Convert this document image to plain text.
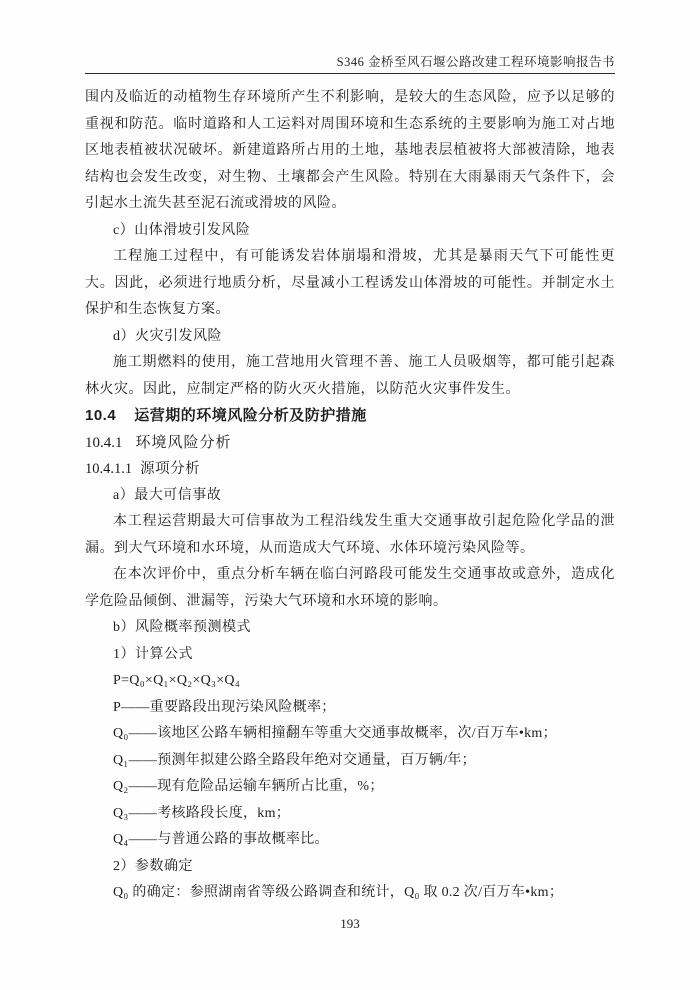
S346 金桥至风石堰公路改建工程环境影响报告书

围内及临近的动植物生存环境所产生不利影响，是较大的生态风险，应予以足够的重视和防范。临时道路和人工运料对周围环境和生态系统的主要影响为施工对占地区地表植被状况破坏。新建道路所占用的土地，基地表层植被将大部被清除，地表结构也会发生改变，对生物、土壤都会产生风险。特别在大雨暴雨天气条件下，会引起水土流失甚至泥石流或滑坡的风险。

c）山体滑坡引发风险

工程施工过程中，有可能诱发岩体崩塌和滑坡，尤其是暴雨天气下可能性更大。因此，必须进行地质分析，尽量减小工程诱发山体滑坡的可能性。并制定水土保护和生态恢复方案。

d）火灾引发风险

施工期燃料的使用，施工营地用火管理不善、施工人员吸烟等，都可能引起森林火灾。因此，应制定严格的防火灭火措施，以防范火灾事件发生。

10.4 运营期的环境风险分析及防护措施

10.4.1 环境风险分析

10.4.1.1 源项分析

a）最大可信事故

本工程运营期最大可信事故为工程沿线发生重大交通事故引起危险化学品的泄漏。到大气环境和水环境，从而造成大气环境、水体环境污染风险等。

在本次评价中，重点分析车辆在临白河路段可能发生交通事故或意外，造成化学危险品倾倒、泄漏等，污染大气环境和水环境的影响。

b）风险概率预测模式

1）计算公式

P=Q₀×Q₁×Q₂×Q₃×Q₄

P——重要路段出现污染风险概率；

Q₀——该地区公路车辆相撞翻车等重大交通事故概率，次/百万车•km；

Q₁——预测年拟建公路全路段年绝对交通量，百万辆/年；

Q₂——现有危险品运输车辆所占比重，%；

Q₃——考核路段长度，km；

Q₄——与普通公路的事故概率比。

2）参数确定

Q₀ 的确定：参照湖南省等级公路调查和统计，Q₀ 取 0.2 次/百万车•km；

193
